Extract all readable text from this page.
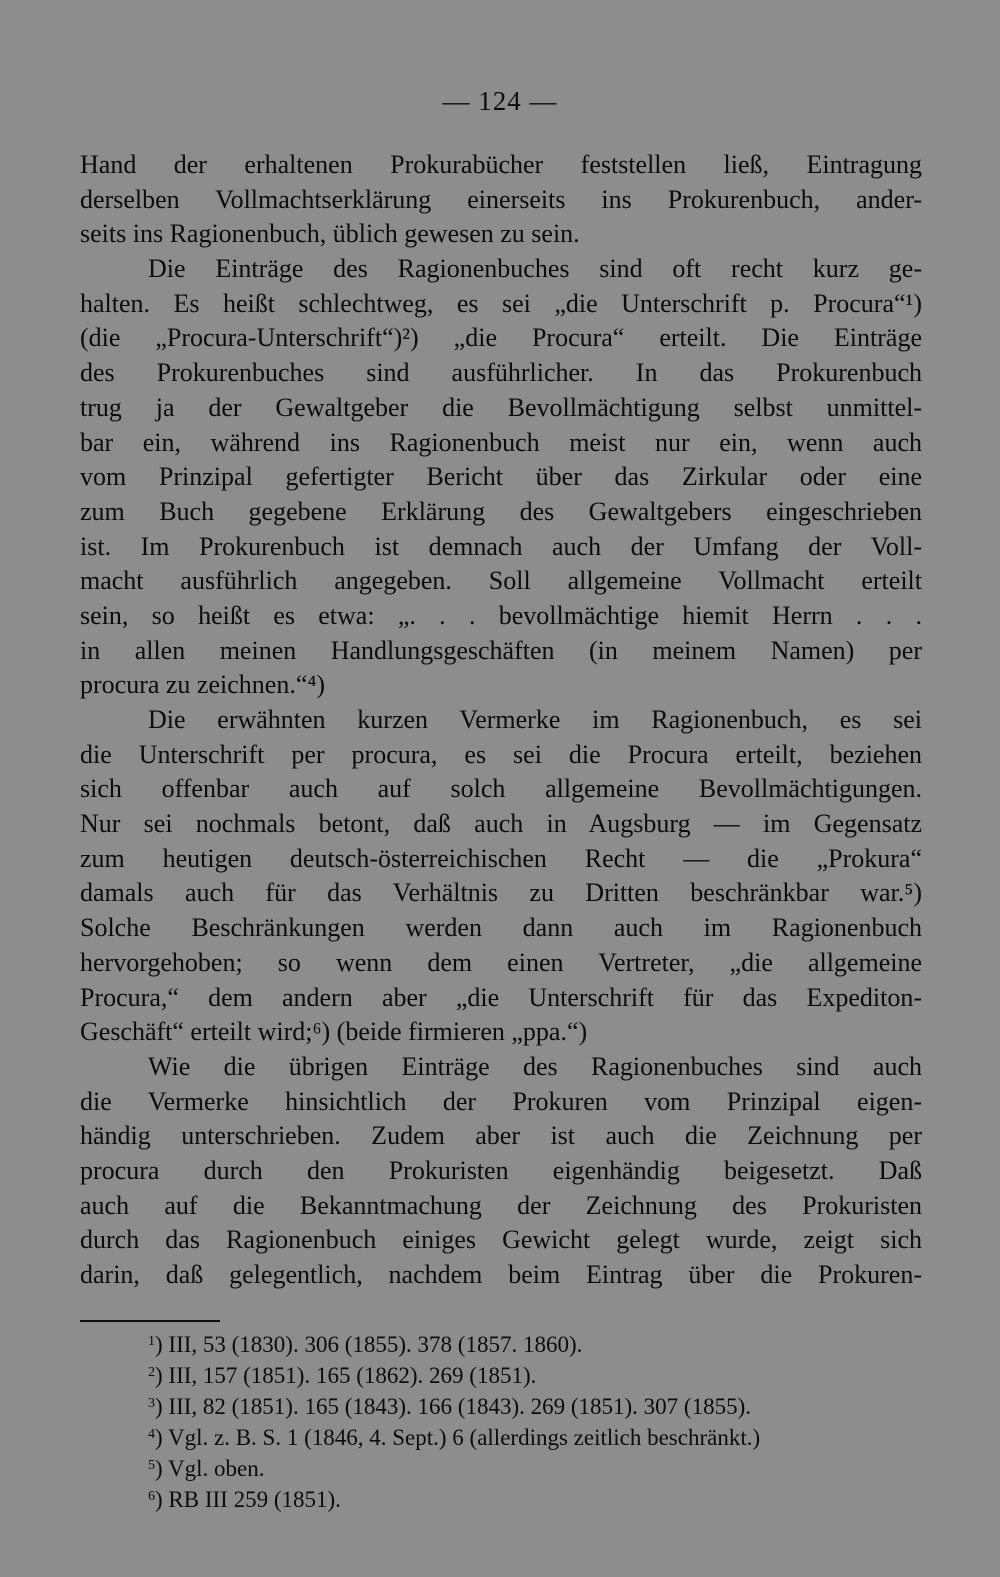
— 124 —
Hand der erhaltenen Prokurabücher feststellen ließ, Eintragung
derselben Vollmachtserklärung einerseits ins Prokurenbuch, ander-
seits ins Ragionenbuch, üblich gewesen zu sein.
Die Einträge des Ragionenbuches sind oft recht kurz ge-
halten. Es heißt schlechtweg, es sei „die Unterschrift p. Procura“¹)
(die „Procura-Unterschrift“)²) „die Procura“ erteilt. Die Einträge
des Prokurenbuches sind ausführlicher. In das Prokurenbuch
trug ja der Gewaltgeber die Bevollmächtigung selbst unmittel-
bar ein, während ins Ragionenbuch meist nur ein, wenn auch
vom Prinzipal gefertigter Bericht über das Zirkular oder eine
zum Buch gegebene Erklärung des Gewaltgebers eingeschrieben
ist. Im Prokurenbuch ist demnach auch der Umfang der Voll-
macht ausführlich angegeben. Soll allgemeine Vollmacht erteilt
sein, so heißt es etwa: „. . . bevollmächtige hiemit Herrn . . .
in allen meinen Handlungsgeschäften (in meinem Namen) per
procura zu zeichnen.“⁴)
Die erwähnten kurzen Vermerke im Ragionenbuch, es sei
die Unterschrift per procura, es sei die Procura erteilt, beziehen
sich offenbar auch auf solch allgemeine Bevollmächtigungen.
Nur sei nochmals betont, daß auch in Augsburg — im Gegensatz
zum heutigen deutsch-österreichischen Recht — die „Prokura“
damals auch für das Verhältnis zu Dritten beschränkbar war.⁵)
Solche Beschränkungen werden dann auch im Ragionenbuch
hervorgehoben; so wenn dem einen Vertreter, „die allgemeine
Procura,“ dem andern aber „die Unterschrift für das Expediton-
Geschäft“ erteilt wird;⁶) (beide firmieren „ppa.“)
Wie die übrigen Einträge des Ragionenbuches sind auch
die Vermerke hinsichtlich der Prokuren vom Prinzipal eigen-
händig unterschrieben. Zudem aber ist auch die Zeichnung per
procura durch den Prokuristen eigenhändig beigesetzt. Daß
auch auf die Bekanntmachung der Zeichnung des Prokuristen
durch das Ragionenbuch einiges Gewicht gelegt wurde, zeigt sich
darin, daß gelegentlich, nachdem beim Eintrag über die Prokuren-
$^1$) III, 53 (1830). 306 (1855). 378 (1857. 1860).
$^2$) III, 157 (1851). 165 (1862). 269 (1851).
$^3$) III, 82 (1851). 165 (1843). 166 (1843). 269 (1851). 307 (1855).
$^4$) Vgl. z. B. S. 1 (1846, 4. Sept.) 6 (allerdings zeitlich beschränkt.)
$^5$) Vgl. oben.
$^6$) RB III 259 (1851).
